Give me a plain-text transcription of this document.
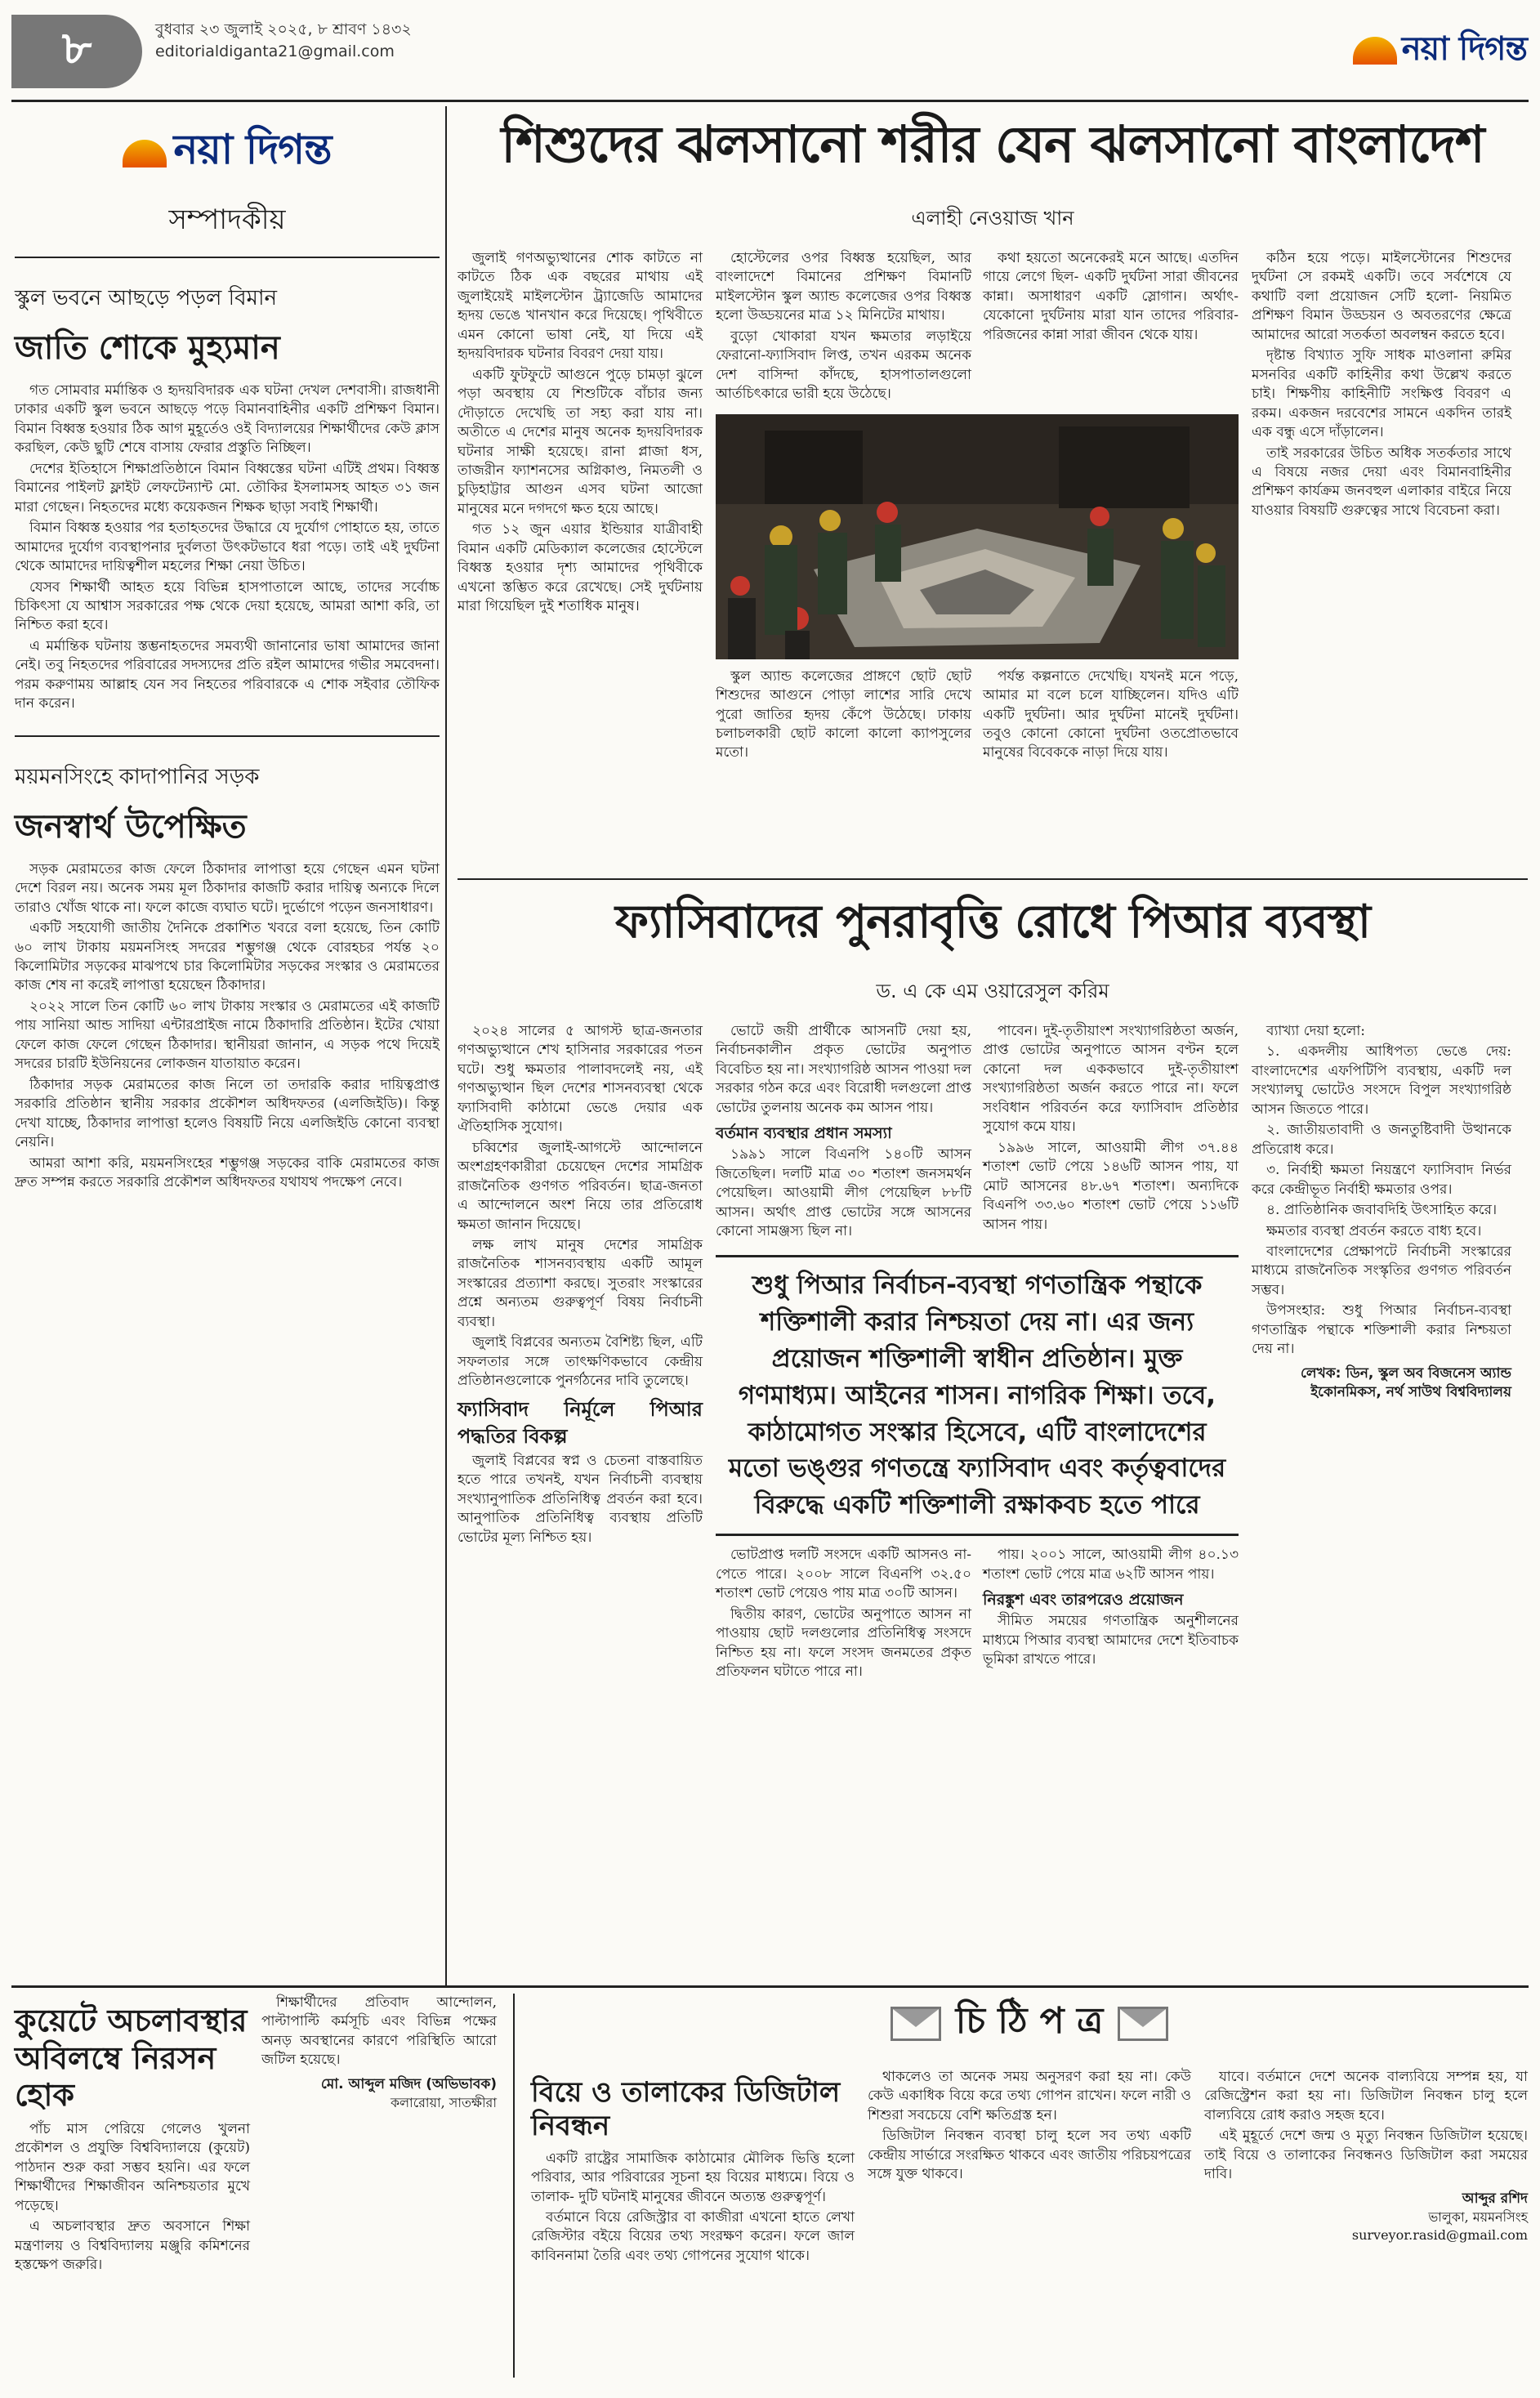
৮	বুধবার ২৩ জুলাই ২০২৫, ৮ শ্রাবণ ১৪৩২
editorialdiganta21@gmail.com	নয়া দিগন্ত
নয়া দিগন্ত
সম্পাদকীয়
স্কুল ভবনে আছড়ে পড়ল বিমান
জাতি শোকে মুহ্যমান

গত সোমবার মর্মান্তিক ও হৃদয়বিদারক এক ঘটনা দেখল দেশবাসী। রাজধানী ঢাকার একটি স্কুল ভবনে আছড়ে পড়ে বিমানবাহিনীর একটি প্রশিক্ষণ বিমান। বিমান বিধ্বস্ত হওয়ার ঠিক আগ মুহূর্তেও ওই বিদ্যালয়ের শিক্ষার্থীদের কেউ ক্লাস করছিল, কেউ ছুটি শেষে বাসায় ফেরার প্রস্তুতি নিচ্ছিল।

দেশের ইতিহাসে শিক্ষাপ্রতিষ্ঠানে বিমান বিধ্বস্তের ঘটনা এটিই প্রথম। বিধ্বস্ত বিমানের পাইলট ফ্লাইট লেফটেন্যান্ট মো. তৌকির ইসলামসহ আহত ৩১ জন মারা গেছেন। নিহতদের মধ্যে কয়েকজন শিক্ষক ছাড়া সবাই শিক্ষার্থী।

বিমান বিধ্বস্ত হওয়ার পর হতাহতদের উদ্ধারে যে দুর্যোগ পোহাতে হয়, তাতে আমাদের দুর্যোগ ব্যবস্থাপনার দুর্বলতা উৎকটভাবে ধরা পড়ে। তাই এই দুর্ঘটনা থেকে আমাদের দায়িত্বশীল মহলের শিক্ষা নেয়া উচিত।

যেসব শিক্ষার্থী আহত হয়ে বিভিন্ন হাসপাতালে আছে, তাদের সর্বোচ্চ চিকিৎসা যে আশ্বাস সরকারের পক্ষ থেকে দেয়া হয়েছে, আমরা আশা করি, তা নিশ্চিত করা হবে।

এ মর্মান্তিক ঘটনায় স্তম্ভনাহতদের সমব্যথী জানানোর ভাষা আমাদের জানা নেই। তবু নিহতদের পরিবারের সদস্যদের প্রতি রইল আমাদের গভীর সমবেদনা। পরম করুণাময় আল্লাহ যেন সব নিহতের পরিবারকে এ শোক সইবার তৌফিক দান করেন।

ময়মনসিংহে কাদাপানির সড়ক
জনস্বার্থ উপেক্ষিত

সড়ক মেরামতের কাজ ফেলে ঠিকাদার লাপাত্তা হয়ে গেছেন এমন ঘটনা দেশে বিরল নয়। অনেক সময় মূল ঠিকাদার কাজটি করার দায়িত্ব অন্যকে দিলে তারাও খোঁজ থাকে না। ফলে কাজে ব্যঘাত ঘটে। দুর্ভোগে পড়েন জনসাধারণ।

একটি সহযোগী জাতীয় দৈনিকে প্রকাশিত খবরে বলা হয়েছে, তিন কোটি ৬০ লাখ টাকায় ময়মনসিংহ সদরের শম্ভুগঞ্জ থেকে বোরহচর পর্যন্ত ২০ কিলোমিটার সড়কের মাঝপথে চার কিলোমিটার সড়কের সংস্কার ও মেরামতের কাজ শেষ না করেই লাপাত্তা হয়েছেন ঠিকাদার।

২০২২ সালে তিন কোটি ৬০ লাখ টাকায় সংস্কার ও মেরামতের এই কাজটি পায় সানিয়া আন্ড সাদিয়া এন্টারপ্রাইজ নামে ঠিকাদারি প্রতিষ্ঠান। ইটের খোয়া ফেলে কাজ ফেলে গেছেন ঠিকাদার। স্থানীয়রা জানান, এ সড়ক পথে দিয়েই সদরের চারটি ইউনিয়নের লোকজন যাতায়াত করেন।

ঠিকাদার সড়ক মেরামতের কাজ নিলে তা তদারকি করার দায়িত্বপ্রাপ্ত সরকারি প্রতিষ্ঠান স্থানীয় সরকার প্রকৌশল অধিদফতর (এলজিইডি)। কিন্তু দেখা যাচ্ছে, ঠিকাদার লাপাত্তা হলেও বিষয়টি নিয়ে এলজিইডি কোনো ব্যবস্থা নেয়নি।

আমরা আশা করি, ময়মনসিংহের শম্ভুগঞ্জ সড়কের বাকি মেরামতের কাজ দ্রুত সম্পন্ন করতে সরকারি প্রকৌশল অধিদফতর যথাযথ পদক্ষেপ নেবে।

শিশুদের ঝলসানো শরীর যেন ঝলসানো বাংলাদেশ
এলাহী নেওয়াজ খান

জুলাই গণঅভ্যুত্থানের শোক কাটতে না কাটতে ঠিক এক বছরের মাথায় এই জুলাইয়েই মাইলস্টোন ট্র্যাজেডি আমাদের হৃদয় ভেঙে খানখান করে দিয়েছে। পৃথিবীতে এমন কোনো ভাষা নেই, যা দিয়ে এই হৃদয়বিদারক ঘটনার বিবরণ দেয়া যায়।

একটি ফুটফুটে আগুনে পুড়ে চামড়া ঝুলে পড়া অবস্থায় যে শিশুটিকে বাঁচার জন্য দৌড়াতে দেখেছি তা সহ্য করা যায় না। অতীতে এ দেশের মানুষ অনেক হৃদয়বিদারক ঘটনার সাক্ষী হয়েছে। রানা প্লাজা ধস, তাজরীন ফ্যাশনসের অগ্নিকাণ্ড, নিমতলী ও চুড়িহাট্টার আগুন এসব ঘটনা আজো মানুষের মনে দগদগে ক্ষত হয়ে আছে।

গত ১২ জুন এয়ার ইন্ডিয়ার যাত্রীবাহী বিমান একটি মেডিক্যাল কলেজের হোস্টেলে বিধ্বস্ত হওয়ার দৃশ্য আমাদের পৃথিবীকে এখনো স্তম্ভিত করে রেখেছে। সেই দুর্ঘটনায় মারা গিয়েছিল দুই শতাধিক মানুষ।

হোস্টেলের ওপর বিধ্বস্ত হয়েছিল, আর বাংলাদেশে বিমানের প্রশিক্ষণ বিমানটি মাইলস্টোন স্কুল অ্যান্ড কলেজের ওপর বিধ্বস্ত হলো উড্ডয়নের মাত্র ১২ মিনিটের মাথায়।

বুড়ো খোকারা যখন ক্ষমতার লড়াইয়ে ফেরানো-ফ্যাসিবাদ লিপ্ত, তখন এরকম অনেক দেশ বাসিন্দা কাঁদছে, হাসপাতালগুলো আর্তচিৎকারে ভারী হয়ে উঠেছে।

কথা হয়তো অনেকেরই মনে আছে। এতদিন গায়ে লেগে ছিল- একটি দুর্ঘটনা সারা জীবনের কান্না। অসাধারণ একটি স্লোগান। অর্থাৎ- যেকোনো দুর্ঘটনায় মারা যান তাদের পরিবার-পরিজনের কান্না সারা জীবন থেকে যায়।

স্কুল অ্যান্ড কলেজের প্রাঙ্গণে ছোট ছোট শিশুদের আগুনে পোড়া লাশের সারি দেখে পুরো জাতির হৃদয় কেঁপে উঠেছে। ঢাকায় চলাচলকারী ছোট কালো কালো ক্যাপসুলের মতো।

পর্যন্ত কল্পনাতে দেখেছি। যখনই মনে পড়ে, আমার মা বলে চলে যাচ্ছিলেন। যদিও এটি একটি দুর্ঘটনা। আর দুর্ঘটনা মানেই দুর্ঘটনা। তবুও কোনো কোনো দুর্ঘটনা ওতপ্রোতভাবে মানুষের বিবেককে নাড়া দিয়ে যায়।

কঠিন হয়ে পড়ে। মাইলস্টোনের শিশুদের দুর্ঘটনা সে রকমই একটি। তবে সর্বশেষে যে কথাটি বলা প্রয়োজন সেটি হলো- নিয়মিত প্রশিক্ষণ বিমান উড্ডয়ন ও অবতরণের ক্ষেত্রে আমাদের আরো সতর্কতা অবলম্বন করতে হবে।

দৃষ্টান্ত বিখ্যাত সুফি সাধক মাওলানা রুমির মসনবির একটি কাহিনীর কথা উল্লেখ করতে চাই। শিক্ষণীয় কাহিনীটি সংক্ষিপ্ত বিবরণ এ রকম। একজন দরবেশের সামনে একদিন তারই এক বন্ধু এসে দাঁড়ালেন।

তাই সরকারের উচিত অধিক সতর্কতার সাথে এ বিষয়ে নজর দেয়া এবং বিমানবাহিনীর প্রশিক্ষণ কার্যক্রম জনবহুল এলাকার বাইরে নিয়ে যাওয়ার বিষয়টি গুরুত্বের সাথে বিবেচনা করা।

ফ্যাসিবাদের পুনরাবৃত্তি রোধে পিআর ব্যবস্থা
ড. এ কে এম ওয়ারেসুল করিম

২০২৪ সালের ৫ আগস্ট ছাত্র-জনতার গণঅভ্যুত্থানে শেখ হাসিনার সরকারের পতন ঘটে। শুধু ক্ষমতার পালাবদলেই নয়, এই গণঅভ্যুত্থান ছিল দেশের শাসনব্যবস্থা থেকে ফ্যাসিবাদী কাঠামো ভেঙে দেয়ার এক ঐতিহাসিক সুযোগ।

চব্বিশের জুলাই-আগস্টে আন্দোলনে অংশগ্রহণকারীরা চেয়েছেন দেশের সামগ্রিক রাজনৈতিক গুণগত পরিবর্তন। ছাত্র-জনতা এ আন্দোলনে অংশ নিয়ে তার প্রতিরোধ ক্ষমতা জানান দিয়েছে।

লক্ষ লাখ মানুষ দেশের সামগ্রিক রাজনৈতিক শাসনব্যবস্থায় একটি আমূল সংস্কারের প্রত্যাশা করছে। সুতরাং সংস্কারের প্রশ্নে অন্যতম গুরুত্বপূর্ণ বিষয় নির্বাচনী ব্যবস্থা।

জুলাই বিপ্লবের অন্যতম বৈশিষ্ট্য ছিল, এটি সফলতার সঙ্গে তাৎক্ষণিকভাবে কেন্দ্রীয় প্রতিষ্ঠানগুলোকে পুনর্গঠনের দাবি তুলেছে।

ফ্যাসিবাদ নির্মূলে পিআর পদ্ধতির বিকল্প

জুলাই বিপ্লবের স্বপ্ন ও চেতনা বাস্তবায়িত হতে পারে তখনই, যখন নির্বাচনী ব্যবস্থায় সংখ্যানুপাতিক প্রতিনিধিত্ব প্রবর্তন করা হবে। আনুপাতিক প্রতিনিধিত্ব ব্যবস্থায় প্রতিটি ভোটের মূল্য নিশ্চিত হয়।

ভোটে জয়ী প্রার্থীকে আসনটি দেয়া হয়, নির্বাচনকালীন প্রকৃত ভোটের অনুপাত বিবেচিত হয় না। সংখ্যাগরিষ্ঠ আসন পাওয়া দল সরকার গঠন করে এবং বিরোধী দলগুলো প্রাপ্ত ভোটের তুলনায় অনেক কম আসন পায়।

বর্তমান ব্যবস্থার প্রধান সমস্যা

১৯৯১ সালে বিএনপি ১৪০টি আসন জিতেছিল। দলটি মাত্র ৩০ শতাংশ জনসমর্থন পেয়েছিল। আওয়ামী লীগ পেয়েছিল ৮৮টি আসন। অর্থাৎ প্রাপ্ত ভোটের সঙ্গে আসনের কোনো সামঞ্জস্য ছিল না।

পাবেন। দুই-তৃতীয়াংশ সংখ্যাগরিষ্ঠতা অর্জন, প্রাপ্ত ভোটের অনুপাতে আসন বণ্টন হলে কোনো দল এককভাবে দুই-তৃতীয়াংশ সংখ্যাগরিষ্ঠতা অর্জন করতে পারে না। ফলে সংবিধান পরিবর্তন করে ফ্যাসিবাদ প্রতিষ্ঠার সুযোগ কমে যায়।

১৯৯৬ সালে, আওয়ামী লীগ ৩৭.৪৪ শতাংশ ভোট পেয়ে ১৪৬টি আসন পায়, যা মোট আসনের ৪৮.৬৭ শতাংশ। অন্যদিকে বিএনপি ৩৩.৬০ শতাংশ ভোট পেয়ে ১১৬টি আসন পায়।

শুধু পিআর নির্বাচন-ব্যবস্থা গণতান্ত্রিক পন্থাকে শক্তিশালী করার নিশ্চয়তা দেয় না। এর জন্য প্রয়োজন শক্তিশালী স্বাধীন প্রতিষ্ঠান। মুক্ত গণমাধ্যম। আইনের শাসন। নাগরিক শিক্ষা। তবে, কাঠামোগত সংস্কার হিসেবে, এটি বাংলাদেশের মতো ভঙ্গুর গণতন্ত্রে ফ্যাসিবাদ এবং কর্তৃত্ববাদের বিরুদ্ধে একটি শক্তিশালী রক্ষাকবচ হতে পারে

ভোটপ্রাপ্ত দলটি সংসদে একটি আসনও না- পেতে পারে। ২০০৮ সালে বিএনপি ৩২.৫০ শতাংশ ভোট পেয়েও পায় মাত্র ৩০টি আসন।

দ্বিতীয় কারণ, ভোটের অনুপাতে আসন না পাওয়ায় ছোট দলগুলোর প্রতিনিধিত্ব সংসদে নিশ্চিত হয় না। ফলে সংসদ জনমতের প্রকৃত প্রতিফলন ঘটাতে পারে না।

পায়। ২০০১ সালে, আওয়ামী লীগ ৪০.১৩ শতাংশ ভোট পেয়ে মাত্র ৬২টি আসন পায়।

নিরঙ্কুশ এবং তারপরেও প্রয়োজন

সীমিত সময়ের গণতান্ত্রিক অনুশীলনের মাধ্যমে পিআর ব্যবস্থা আমাদের দেশে ইতিবাচক ভূমিকা রাখতে পারে।

ব্যাখ্যা দেয়া হলো:

১. একদলীয় আধিপত্য ভেঙে দেয়: বাংলাদেশের এফপিটিপি ব্যবস্থায়, একটি দল সংখ্যালঘু ভোটেও সংসদে বিপুল সংখ্যাগরিষ্ঠ আসন জিততে পারে।

২. জাতীয়তাবাদী ও জনতুষ্টিবাদী উত্থানকে প্রতিরোধ করে।

৩. নির্বাহী ক্ষমতা নিয়ন্ত্রণে ফ্যাসিবাদ নির্ভর করে কেন্দ্রীভূত নির্বাহী ক্ষমতার ওপর।

৪. প্রাতিষ্ঠানিক জবাবদিহি উৎসাহিত করে।

ক্ষমতার ব্যবস্থা প্রবর্তন করতে বাধ্য হবে।

বাংলাদেশের প্রেক্ষাপটে নির্বাচনী সংস্কারের মাধ্যমে রাজনৈতিক সংস্কৃতির গুণগত পরিবর্তন সম্ভব।

উপসংহার: শুধু পিআর নির্বাচন-ব্যবস্থা গণতান্ত্রিক পন্থাকে শক্তিশালী করার নিশ্চয়তা দেয় না।

লেখক: ডিন, স্কুল অব বিজনেস অ্যান্ড ইকোনমিকস, নর্থ সাউথ বিশ্ববিদ্যালয়
কুয়েটে অচলাবস্থার অবিলম্বে নিরসন হোক

পাঁচ মাস পেরিয়ে গেলেও খুলনা প্রকৌশল ও প্রযুক্তি বিশ্ববিদ্যালয়ে (কুয়েট) পাঠদান শুরু করা সম্ভব হয়নি। এর ফলে শিক্ষার্থীদের শিক্ষাজীবন অনিশ্চয়তার মুখে পড়েছে।

এ অচলাবস্থার দ্রুত অবসানে শিক্ষা মন্ত্রণালয় ও বিশ্ববিদ্যালয় মঞ্জুরি কমিশনের হস্তক্ষেপ জরুরি।

শিক্ষার্থীদের প্রতিবাদ আন্দোলন, পাল্টাপাল্টি কর্মসূচি এবং বিভিন্ন পক্ষের অনড় অবস্থানের কারণে পরিস্থিতি আরো জটিল হয়েছে।

মো. আব্দুল মজিদ (অভিভাবক)
কলারোয়া, সাতক্ষীরা
চি ঠি প ত্র
বিয়ে ও তালাকের ডিজিটাল নিবন্ধন

একটি রাষ্ট্রের সামাজিক কাঠামোর মৌলিক ভিত্তি হলো পরিবার, আর পরিবারের সূচনা হয় বিয়ের মাধ্যমে। বিয়ে ও তালাক- দুটি ঘটনাই মানুষের জীবনে অত্যন্ত গুরুত্বপূর্ণ।

বর্তমানে বিয়ে রেজিস্ট্রার বা কাজীরা এখনো হাতে লেখা রেজিস্টার বইয়ে বিয়ের তথ্য সংরক্ষণ করেন। ফলে জাল কাবিননামা তৈরি এবং তথ্য গোপনের সুযোগ থাকে।

থাকলেও তা অনেক সময় অনুসরণ করা হয় না। কেউ কেউ একাধিক বিয়ে করে তথ্য গোপন রাখেন। ফলে নারী ও শিশুরা সবচেয়ে বেশি ক্ষতিগ্রস্ত হন।

ডিজিটাল নিবন্ধন ব্যবস্থা চালু হলে সব তথ্য একটি কেন্দ্রীয় সার্ভারে সংরক্ষিত থাকবে এবং জাতীয় পরিচয়পত্রের সঙ্গে যুক্ত থাকবে।

যাবে। বর্তমানে দেশে অনেক বাল্যবিয়ে সম্পন্ন হয়, যা রেজিস্ট্রেশন করা হয় না। ডিজিটাল নিবন্ধন চালু হলে বাল্যবিয়ে রোধ করাও সহজ হবে।

এই মুহূর্তে দেশে জন্ম ও মৃত্যু নিবন্ধন ডিজিটাল হয়েছে। তাই বিয়ে ও তালাকের নিবন্ধনও ডিজিটাল করা সময়ের দাবি।

আব্দুর রশিদ
ভালুকা, ময়মনসিংহ
surveyor.rasid@gmail.com
